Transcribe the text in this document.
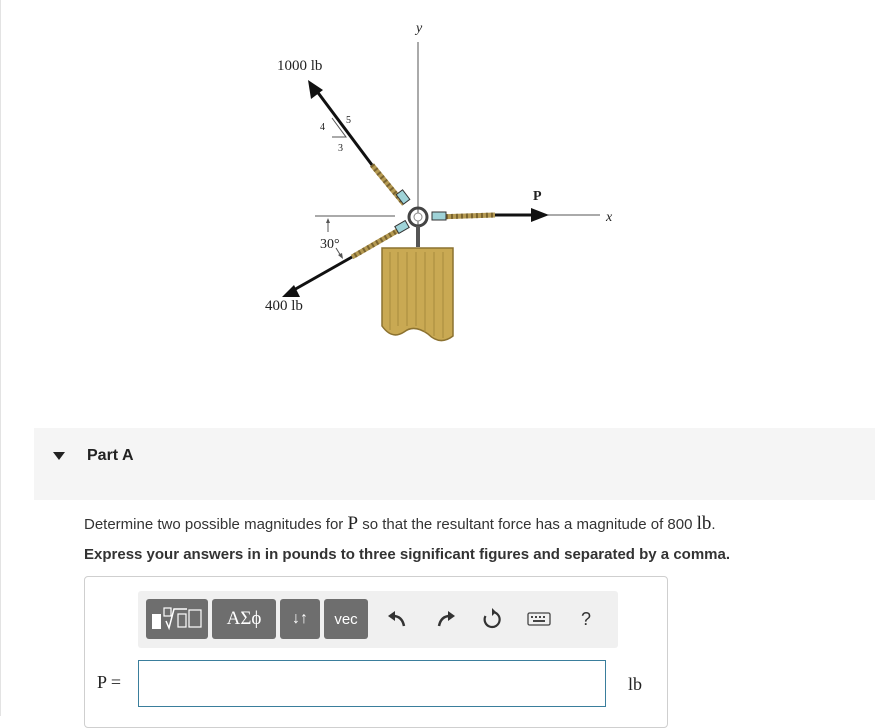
y
x
1000 lb
4
5
3
P
400 lb
30°
Part A
Determine two possible magnitudes for P so that the resultant force has a magnitude of 800 lb.
Express your answers in in pounds to three significant figures and separated by a comma.
ΑΣϕ	↓↑	vec	?
P =	lb
